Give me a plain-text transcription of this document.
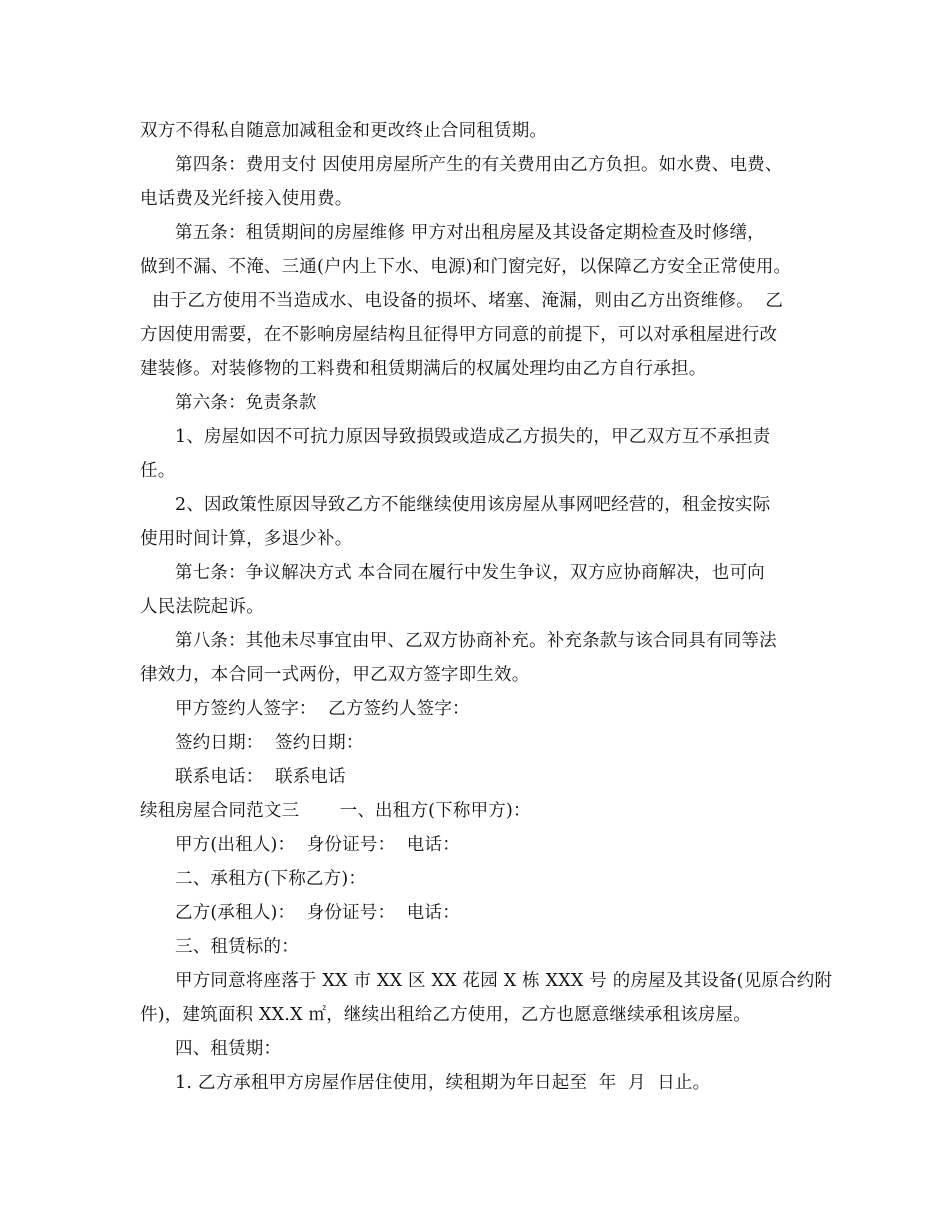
双方不得私自随意加减租金和更改终止合同租赁期。
第四条：费用支付 因使用房屋所产生的有关费用由乙方负担。如水费、电费、
电话费及光纤接入使用费。
第五条：租赁期间的房屋维修 甲方对出租房屋及其设备定期检查及时修缮，
做到不漏、不淹、三通(户内上下水、电源)和门窗完好，以保障乙方安全正常使用。
由于乙方使用不当造成水、电设备的损坏、堵塞、淹漏，则由乙方出资维修。  乙
方因使用需要，在不影响房屋结构且征得甲方同意的前提下，可以对承租屋进行改
建装修。对装修物的工料费和租赁期满后的权属处理均由乙方自行承担。
第六条：免责条款
1、房屋如因不可抗力原因导致损毁或造成乙方损失的，甲乙双方互不承担责
任。
2、因政策性原因导致乙方不能继续使用该房屋从事网吧经营的，租金按实际
使用时间计算，多退少补。
第七条：争议解决方式 本合同在履行中发生争议，双方应协商解决，也可向
人民法院起诉。
第八条：其他未尽事宜由甲、乙双方协商补充。补充条款与该合同具有同等法
律效力，本合同一式两份，甲乙双方签字即生效。
甲方签约人签字：  乙方签约人签字：
签约日期：  签约日期：
联系电话：  联系电话
续租房屋合同范文三       一、出租方(下称甲方)：
甲方(出租人)：  身份证号：  电话：
二、承租方(下称乙方)：
乙方(承租人)：  身份证号：  电话：
三、租赁标的：
甲方同意将座落于 XX 市 XX 区 XX 花园 X 栋 XXX 号 的房屋及其设备(见原合约附
件)，建筑面积 XX.X ㎡，继续出租给乙方使用，乙方也愿意继续承租该房屋。
四、租赁期：
1. 乙方承租甲方房屋作居住使用，续租期为年日起至  年  月  日止。
